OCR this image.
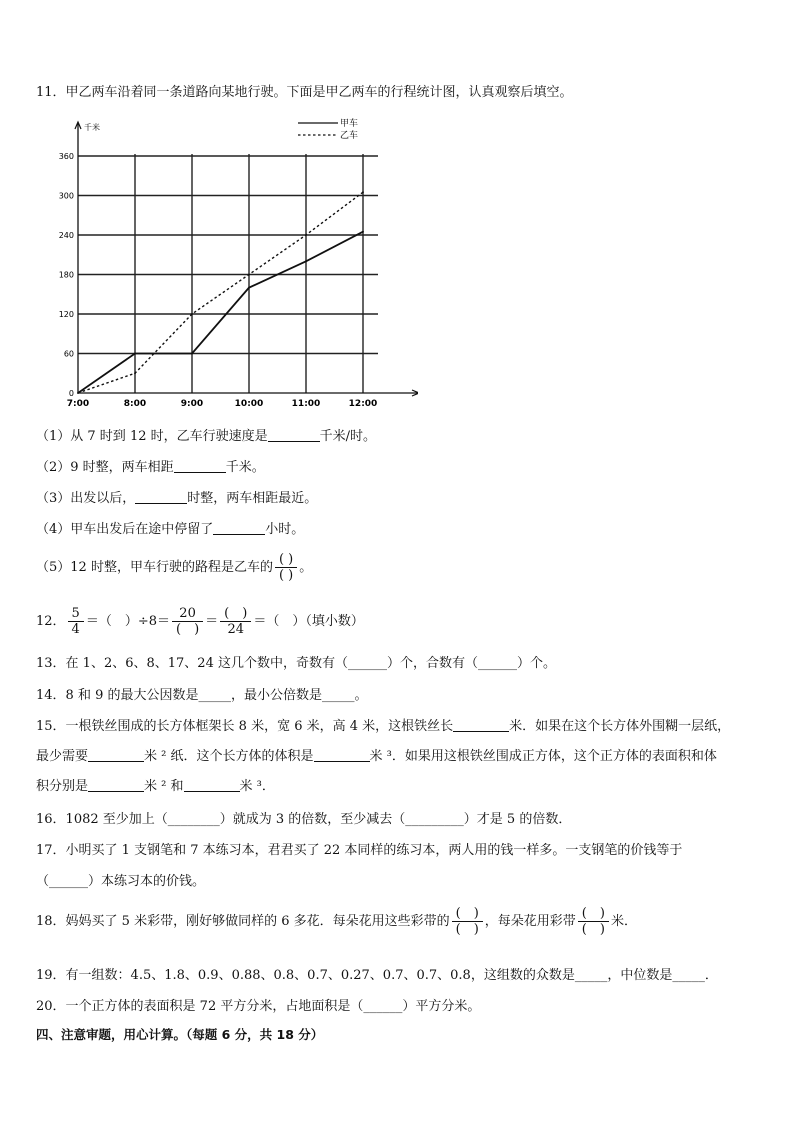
11．甲乙两车沿着同一条道路向某地行驶。下面是甲乙两车的行程统计图，认真观察后填空。
千米
0
60
120
180
240
300
360
7:00	8:00	9:00	10:00	11:00	12:00
甲车
乙车
（1）从 7 时到 12 时，乙车行驶速度是	千米/时。
（2）9 时整，两车相距	千米。
（3）出发以后，	时整，两车相距最近。
（4）甲车出发后在途中停留了	小时。
（5）12 时整，甲车行驶的路程是乙车的 $\frac{( )}{( )}$ 。
12． $\frac{5}{4}$ ＝（　）$\div 8= \frac{20}{( )} = \frac{( )}{24}$ ＝（　）（填小数）
13．在 1、2、6、8、17、24 这几个数中，奇数有（______）个，合数有（______）个。
14．8 和 9 的最大公因数是_____，最小公倍数是_____。
15．一根铁丝围成的长方体框架长 8 米，宽 6 米，高 4 米，这根铁丝长	米．如果在这个长方体外围糊一层纸，
最少需要	米 ² 纸．这个长方体的体积是	米 ³．如果用这根铁丝围成正方体，这个正方体的表面积和体
积分别是	米 ² 和	米 ³．
16．1082 至少加上（________）就成为 3 的倍数，至少减去（_________）才是 5 的倍数．
17．小明买了 1 支钢笔和 7 本练习本，君君买了 22 本同样的练习本，两人用的钱一样多。一支钢笔的价钱等于
（______）本练习本的价钱。
18．妈妈买了 5 米彩带，刚好够做同样的 6 多花．每朵花用这些彩带的 $\frac{( )}{( )}$ ，每朵花用彩带 $\frac{( )}{( )}$ 米．
19．有一组数：4.5、1.8、0.9、0.88、0.8、0.7、0.27、0.7、0.7、0.8，这组数的众数是_____，中位数是_____．
20．一个正方体的表面积是 72 平方分米，占地面积是（______）平方分米。
四、注意审题，用心计算。（每题 6 分，共 18 分）
